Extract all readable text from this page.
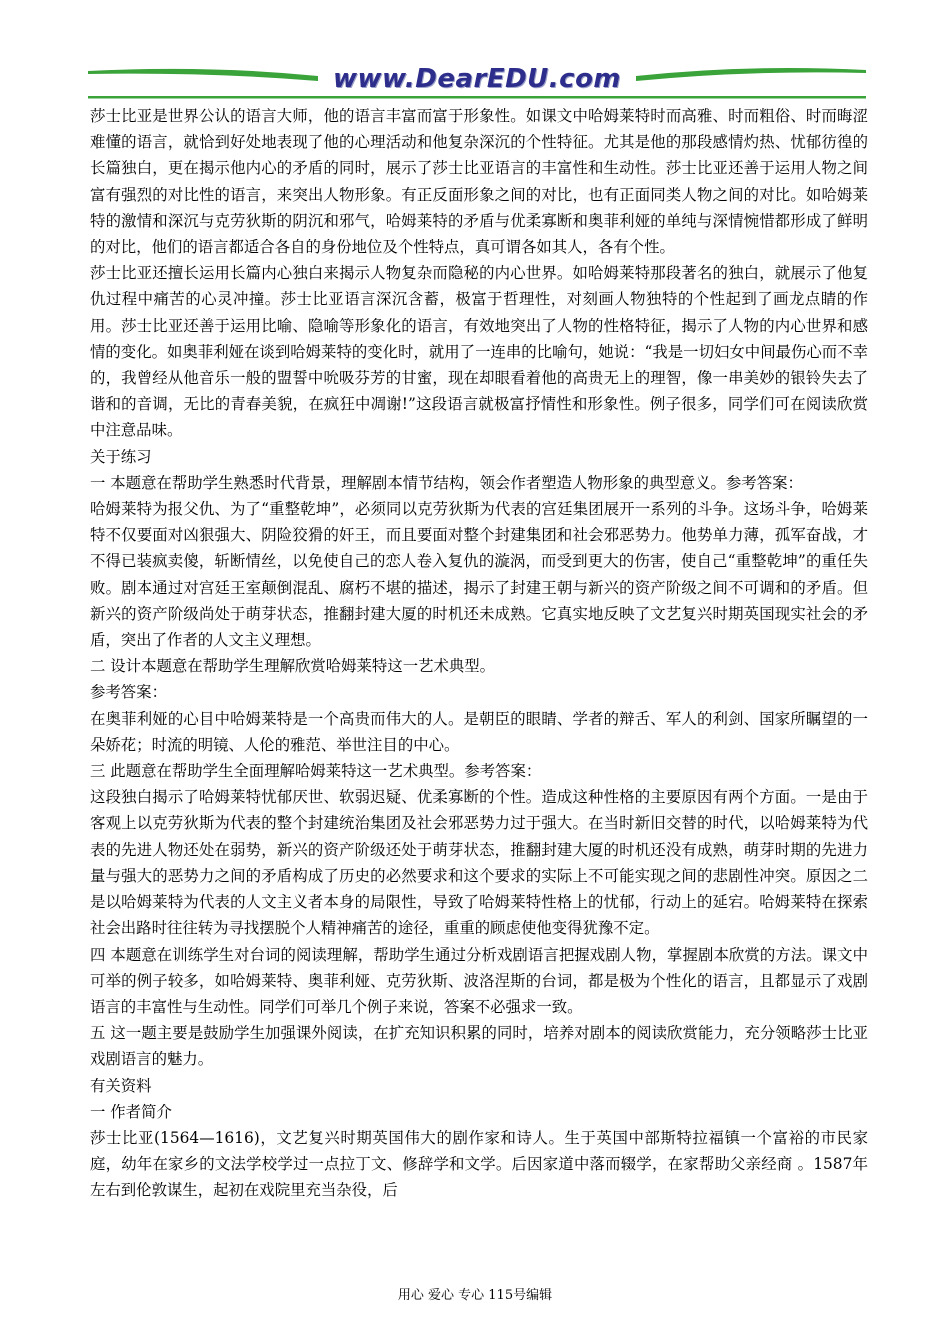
www.DearEDU.com

莎士比亚是世界公认的语言大师，他的语言丰富而富于形象性。如课文中哈姆莱特时而高雅、时而粗俗、时而晦涩难懂的语言，就恰到好处地表现了他的心理活动和他复杂深沉的个性特征。尤其是他的那段感情灼热、忧郁彷徨的长篇独白，更在揭示他内心的矛盾的同时，展示了莎士比亚语言的丰富性和生动性。莎士比亚还善于运用人物之间富有强烈的对比性的语言，来突出人物形象。有正反面形象之间的对比，也有正面同类人物之间的对比。如哈姆莱特的激情和深沉与克劳狄斯的阴沉和邪气，哈姆莱特的矛盾与优柔寡断和奥菲利娅的单纯与深情惋惜都形成了鲜明的对比，他们的语言都适合各自的身份地位及个性特点，真可谓各如其人，各有个性。

莎士比亚还擅长运用长篇内心独白来揭示人物复杂而隐秘的内心世界。如哈姆莱特那段著名的独白，就展示了他复仇过程中痛苦的心灵冲撞。莎士比亚语言深沉含蓄，极富于哲理性，对刻画人物独特的个性起到了画龙点睛的作用。莎士比亚还善于运用比喻、隐喻等形象化的语言，有效地突出了人物的性格特征，揭示了人物的内心世界和感情的变化。如奥菲利娅在谈到哈姆莱特的变化时，就用了一连串的比喻句，她说：“我是一切妇女中间最伤心而不幸的，我曾经从他音乐一般的盟誓中吮吸芬芳的甘蜜，现在却眼看着他的高贵无上的理智，像一串美妙的银铃失去了谐和的音调，无比的青春美貌，在疯狂中凋谢!”这段语言就极富抒情性和形象性。例子很多，同学们可在阅读欣赏中注意品味。

关于练习

一 本题意在帮助学生熟悉时代背景，理解剧本情节结构，领会作者塑造人物形象的典型意义。参考答案：

哈姆莱特为报父仇、为了“重整乾坤”，必须同以克劳狄斯为代表的宫廷集团展开一系列的斗争。这场斗争，哈姆莱特不仅要面对凶狠强大、阴险狡猾的奸王，而且要面对整个封建集团和社会邪恶势力。他势单力薄，孤军奋战，才不得已装疯卖傻，斩断情丝，以免使自己的恋人卷入复仇的漩涡，而受到更大的伤害，使自己“重整乾坤”的重任失败。剧本通过对宫廷王室颠倒混乱、腐朽不堪的描述，揭示了封建王朝与新兴的资产阶级之间不可调和的矛盾。但新兴的资产阶级尚处于萌芽状态，推翻封建大厦的时机还未成熟。它真实地反映了文艺复兴时期英国现实社会的矛盾，突出了作者的人文主义理想。

二 设计本题意在帮助学生理解欣赏哈姆莱特这一艺术典型。

参考答案：

在奥菲利娅的心目中哈姆莱特是一个高贵而伟大的人。是朝臣的眼睛、学者的辩舌、军人的利剑、国家所瞩望的一朵娇花；时流的明镜、人伦的雅范、举世注目的中心。

三 此题意在帮助学生全面理解哈姆莱特这一艺术典型。参考答案：

这段独白揭示了哈姆莱特忧郁厌世、软弱迟疑、优柔寡断的个性。造成这种性格的主要原因有两个方面。一是由于客观上以克劳狄斯为代表的整个封建统治集团及社会邪恶势力过于强大。在当时新旧交替的时代，以哈姆莱特为代表的先进人物还处在弱势，新兴的资产阶级还处于萌芽状态，推翻封建大厦的时机还没有成熟，萌芽时期的先进力量与强大的恶势力之间的矛盾构成了历史的必然要求和这个要求的实际上不可能实现之间的悲剧性冲突。原因之二是以哈姆莱特为代表的人文主义者本身的局限性，导致了哈姆莱特性格上的忧郁，行动上的延宕。哈姆莱特在探索社会出路时往往转为寻找摆脱个人精神痛苦的途径，重重的顾虑使他变得犹豫不定。

四 本题意在训练学生对台词的阅读理解，帮助学生通过分析戏剧语言把握戏剧人物，掌握剧本欣赏的方法。课文中可举的例子较多，如哈姆莱特、奥菲利娅、克劳狄斯、波洛涅斯的台词，都是极为个性化的语言，且都显示了戏剧语言的丰富性与生动性。同学们可举几个例子来说，答案不必强求一致。

五 这一题主要是鼓励学生加强课外阅读，在扩充知识积累的同时，培养对剧本的阅读欣赏能力，充分领略莎士比亚戏剧语言的魅力。

有关资料

一 作者简介

莎士比亚(1564—1616)，文艺复兴时期英国伟大的剧作家和诗人。生于英国中部斯特拉福镇一个富裕的市民家庭，幼年在家乡的文法学校学过一点拉丁文、修辞学和文学。后因家道中落而辍学，在家帮助父亲经商 。1587年左右到伦敦谋生，起初在戏院里充当杂役，后

用心 爱心 专心 115号编辑
